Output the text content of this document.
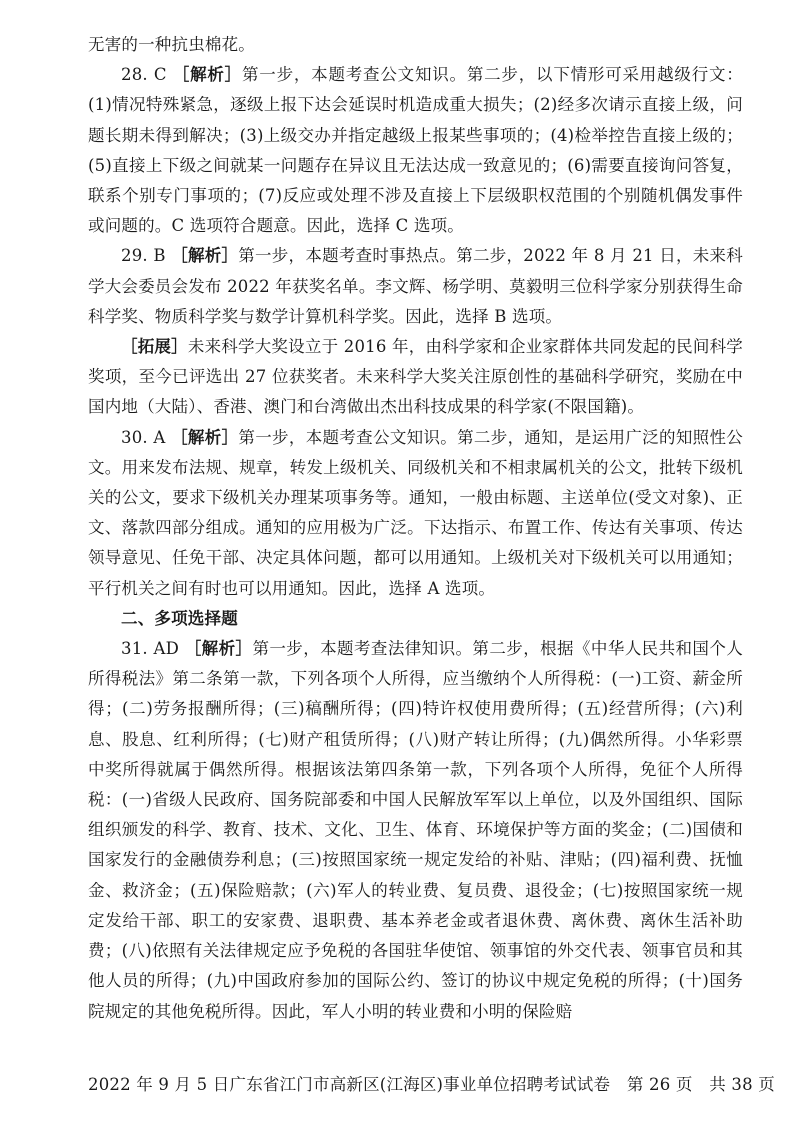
无害的一种抗虫棉花。

28. C ［解析］第一步，本题考查公文知识。第二步，以下情形可采用越级行文：(1)情况特殊紧急，逐级上报下达会延误时机造成重大损失；(2)经多次请示直接上级，问题长期未得到解决；(3)上级交办并指定越级上报某些事项的；(4)检举控告直接上级的；(5)直接上下级之间就某一问题存在异议且无法达成一致意见的；(6)需要直接询问答复，联系个别专门事项的；(7)反应或处理不涉及直接上下层级职权范围的个别随机偶发事件或问题的。C 选项符合题意。因此，选择 C 选项。

29. B ［解析］第一步，本题考查时事热点。第二步，2022 年 8 月 21 日，未来科学大会委员会发布 2022 年获奖名单。李文辉、杨学明、莫毅明三位科学家分别获得生命科学奖、物质科学奖与数学计算机科学奖。因此，选择 B 选项。

［拓展］未来科学大奖设立于 2016 年，由科学家和企业家群体共同发起的民间科学奖项，至今已评选出 27 位获奖者。未来科学大奖关注原创性的基础科学研究，奖励在中国内地（大陆）、香港、澳门和台湾做出杰出科技成果的科学家(不限国籍)。

30. A ［解析］第一步，本题考查公文知识。第二步，通知，是运用广泛的知照性公文。用来发布法规、规章，转发上级机关、同级机关和不相隶属机关的公文，批转下级机关的公文，要求下级机关办理某项事务等。通知，一般由标题、主送单位(受文对象)、正文、落款四部分组成。通知的应用极为广泛。下达指示、布置工作、传达有关事项、传达领导意见、任免干部、决定具体问题，都可以用通知。上级机关对下级机关可以用通知；平行机关之间有时也可以用通知。因此，选择 A 选项。

二、多项选择题

31. AD ［解析］第一步，本题考查法律知识。第二步，根据《中华人民共和国个人所得税法》第二条第一款，下列各项个人所得，应当缴纳个人所得税：(一)工资、薪金所得；(二)劳务报酬所得；(三)稿酬所得；(四)特许权使用费所得；(五)经营所得；(六)利息、股息、红利所得；(七)财产租赁所得；(八)财产转让所得；(九)偶然所得。小华彩票中奖所得就属于偶然所得。根据该法第四条第一款，下列各项个人所得，免征个人所得税：(一)省级人民政府、国务院部委和中国人民解放军军以上单位，以及外国组织、国际组织颁发的科学、教育、技术、文化、卫生、体育、环境保护等方面的奖金；(二)国债和国家发行的金融债券利息；(三)按照国家统一规定发给的补贴、津贴；(四)福利费、抚恤金、救济金；(五)保险赔款；(六)军人的转业费、复员费、退役金；(七)按照国家统一规定发给干部、职工的安家费、退职费、基本养老金或者退休费、离休费、离休生活补助费；(八)依照有关法律规定应予免税的各国驻华使馆、领事馆的外交代表、领事官员和其他人员的所得；(九)中国政府参加的国际公约、签订的协议中规定免税的所得；(十)国务院规定的其他免税所得。因此，军人小明的转业费和小明的保险赔

2022 年 9 月 5 日广东省江门市高新区(江海区)事业单位招聘考试试卷　第 26 页　共 38 页
